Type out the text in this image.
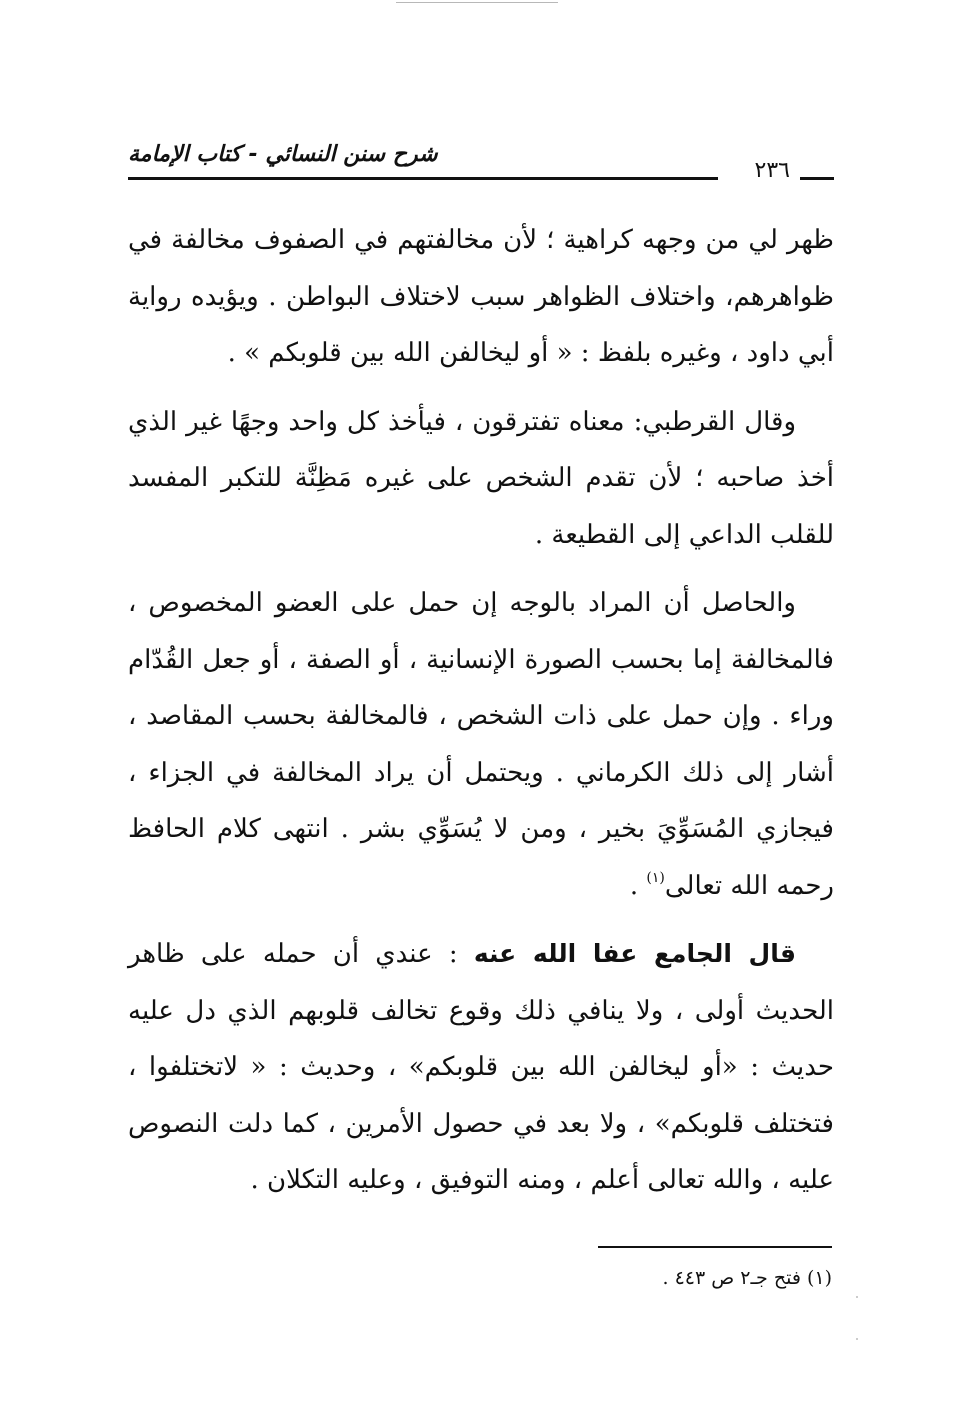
شرح سنن النسائي - كتاب الإمامة
٢٣٦

ظهر لي من وجهه كراهية ؛ لأن مخالفتهم في الصفوف مخالفة في ظواهرهم، واختلاف الظواهر سبب لاختلاف البواطن . ويؤيده رواية أبي داود ، وغيره بلفظ : « أو ليخالفن الله بين قلوبكم » .

وقال القرطبي: معناه تفترقون ، فيأخذ كل واحد وجهًا غير الذي أخذ صاحبه ؛ لأن تقدم الشخص على غيره مَظِنَّة للتكبر المفسد للقلب الداعي إلى القطيعة .

والحاصل أن المراد بالوجه إن حمل على العضو المخصوص ، فالمخالفة إما بحسب الصورة الإنسانية ، أو الصفة ، أو جعل القُدّام وراء . وإن حمل على ذات الشخص ، فالمخالفة بحسب المقاصد ، أشار إلى ذلك الكرماني . ويحتمل أن يراد المخالفة في الجزاء ، فيجازي المُسَوِّيَ بخير ، ومن لا يُسَوِّي بشر . انتهى كلام الحافظ رحمه الله تعالى$^{(١)}$ .

قال الجامع عفا الله عنه : عندي أن حمله على ظاهر الحديث أولى ، ولا ينافي ذلك وقوع تخالف قلوبهم الذي دل عليه حديث : «أو ليخالفن الله بين قلوبكم» ، وحديث : « لاتختلفوا ، فتختلف قلوبكم» ، ولا بعد في حصول الأمرين ، كما دلت النصوص عليه ، والله تعالى أعلم ، ومنه التوفيق ، وعليه التكلان .

(١) فتح جـ٢ ص ٤٤٣ .
